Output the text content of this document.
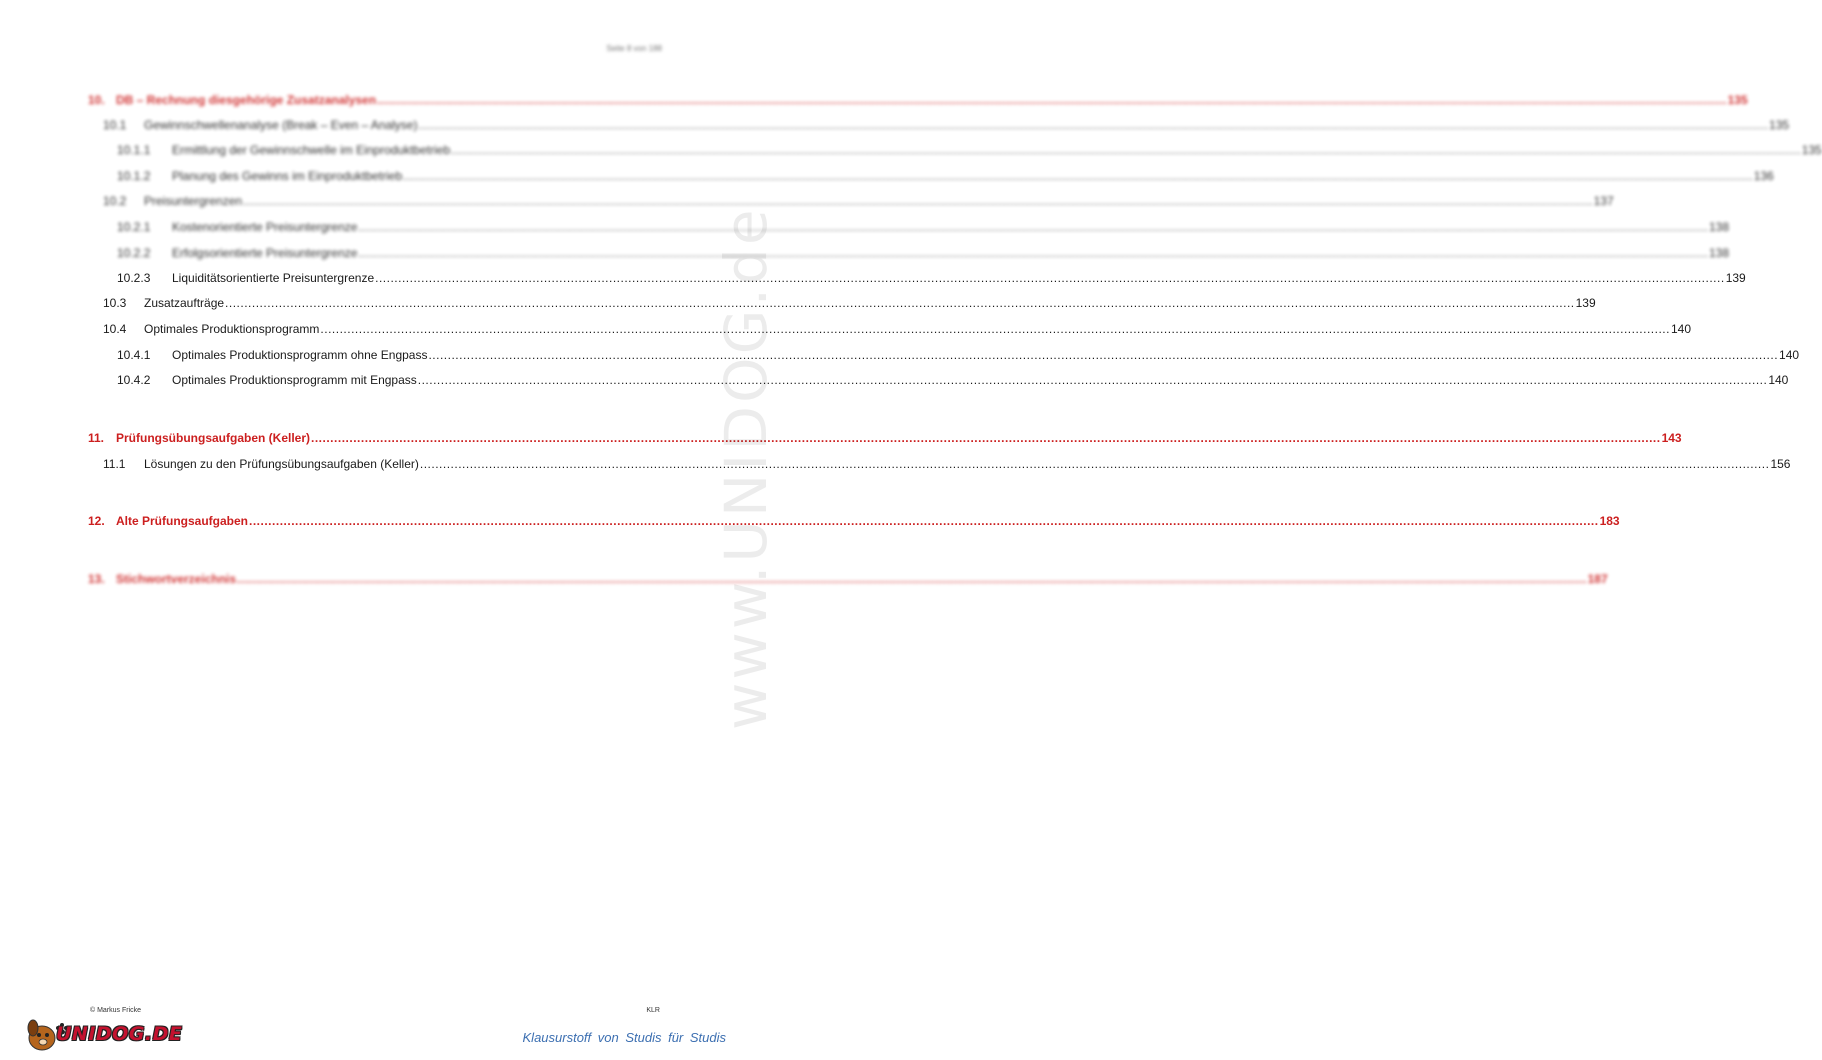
Seite 8 von 188
10. DB – Rechnung diesgehörige Zusatzanalysen .....	135
10.1	Gewinnschwellenanalyse (Break – Even – Analyse) .....	135
10.1.1	Ermittlung der Gewinnschwelle im Einproduktbetrieb .....	135
10.1.2	Planung des Gewinns im Einproduktbetrieb .....	136
10.2	Preisuntergrenzen .....	137
10.2.1	Kostenorientierte Preisuntergrenze .....	138
10.2.2	Erfolgsorientierte Preisuntergrenze .....	138
10.2.3	Liquiditätsorientierte Preisuntergrenze .....	139
10.3	Zusatzaufträge .....	139
10.4	Optimales Produktionsprogramm .....	140
10.4.1	Optimales Produktionsprogramm ohne Engpass .....	140
10.4.2	Optimales Produktionsprogramm mit Engpass .....	140
11. Prüfungsübungsaufgaben (Keller) .....	143
11.1	Lösungen zu den Prüfungsübungsaufgaben (Keller) .....	156
12. Alte Prüfungsaufgaben .....	183
13. Stichwortverzeichnis .....	187
www.UNIDOG.de
© Markus Fricke	KLR
UNIDOG.DE	Klausurstoff von Studis für Studis
